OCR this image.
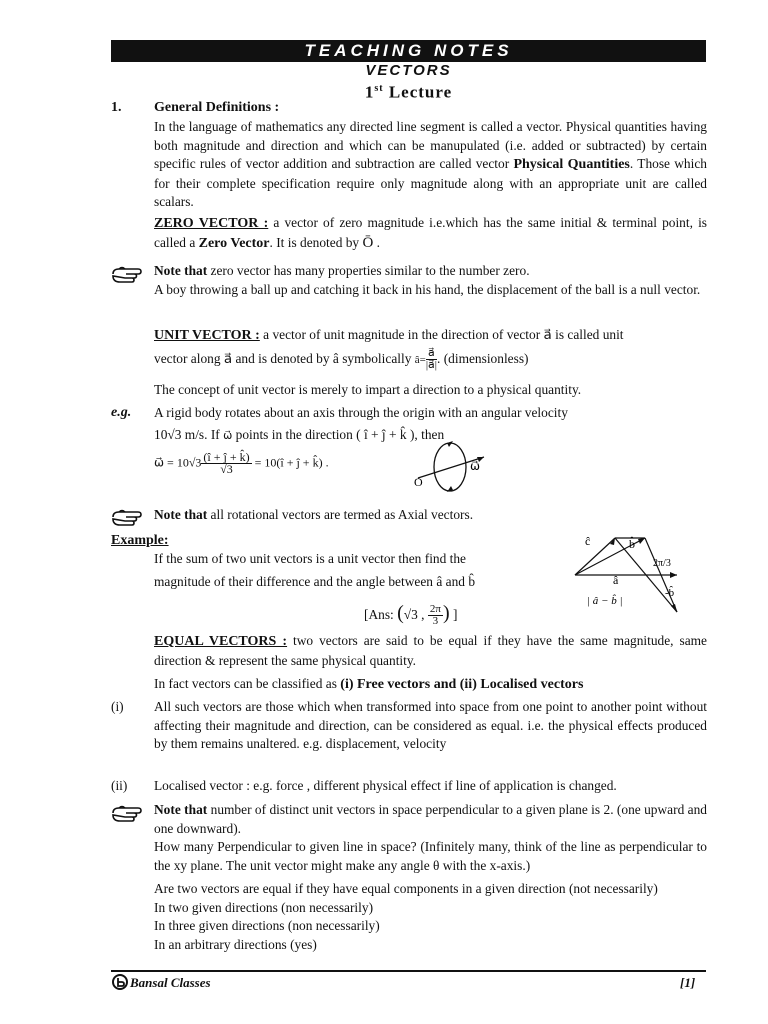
TEACHING NOTES
VECTORS
1st Lecture
1. General Definitions :
In the language of mathematics any directed line segment is called a vector. Physical quantities having both magnitude and direction and which can be manupulated (i.e. added or subtracted) by certain specific rules of vector addition and subtraction are called vector Physical Quantities. Those which for their complete specification require only magnitude along with an appropriate unit are called scalars.
ZERO VECTOR : a vector of zero magnitude i.e.which has the same initial & terminal point, is called a Zero Vector. It is denoted by Ō .
Note that zero vector has many properties similar to the number zero.
A boy throwing a ball up and catching it back in his hand, the displacement of the ball is a null vector.
UNIT VECTOR : a vector of unit magnitude in the direction of vector a⃗ is called unit
vector along a⃗ and is denoted by â symbolically â= $\frac{a⃗}{|a⃗|}$ . (dimensionless)
The concept of unit vector is merely to impart a direction to a physical quantity.
e.g. A rigid body rotates about an axis through the origin with an angular velocity
10√3 m/s. If ω⃗ points in the direction ( î + ĵ + k̂ ), then
ω⃗ = $10√3 \frac{(î + ĵ + k̂)}{√3}$ = 10(î + ĵ + k̂) .
O
ω⃗
Note that all rotational vectors are termed as Axial vectors.
Example:
If the sum of two unit vectors is a unit vector then find the
magnitude of their difference and the angle between â and b̂
[Ans: (√3 , $\frac{2\pi}{3}$ ) ]
ĉ	b̂
2π/3
â
-b̂
| â − b̂ |
EQUAL VECTORS : two vectors are said to be equal if they have the same magnitude, same direction & represent the same physical quantity.
In fact vectors can be classified as (i) Free vectors and (ii) Localised vectors
(i) All such vectors are those which when transformed into space from one point to another point without affecting their magnitude and direction, can be considered as equal. i.e. the physical effects produced by them remains unaltered. e.g. displacement, velocity
(ii) Localised vector : e.g. force , different physical effect if line of application is changed.
Note that number of distinct unit vectors in space perpendicular to a given plane is 2. (one upward and one downward).
How many Perpendicular to given line in space? (Infinitely many, think of the line as perpendicular to the xy plane. The unit vector might make any angle θ with the x-axis.)
Are two vectors are equal if they have equal components in a given direction (not necessarily)
In two given directions (non necessarily)
In three given directions (non necessarily)
In an arbitrary directions (yes)
Bansal Classes	[1]
